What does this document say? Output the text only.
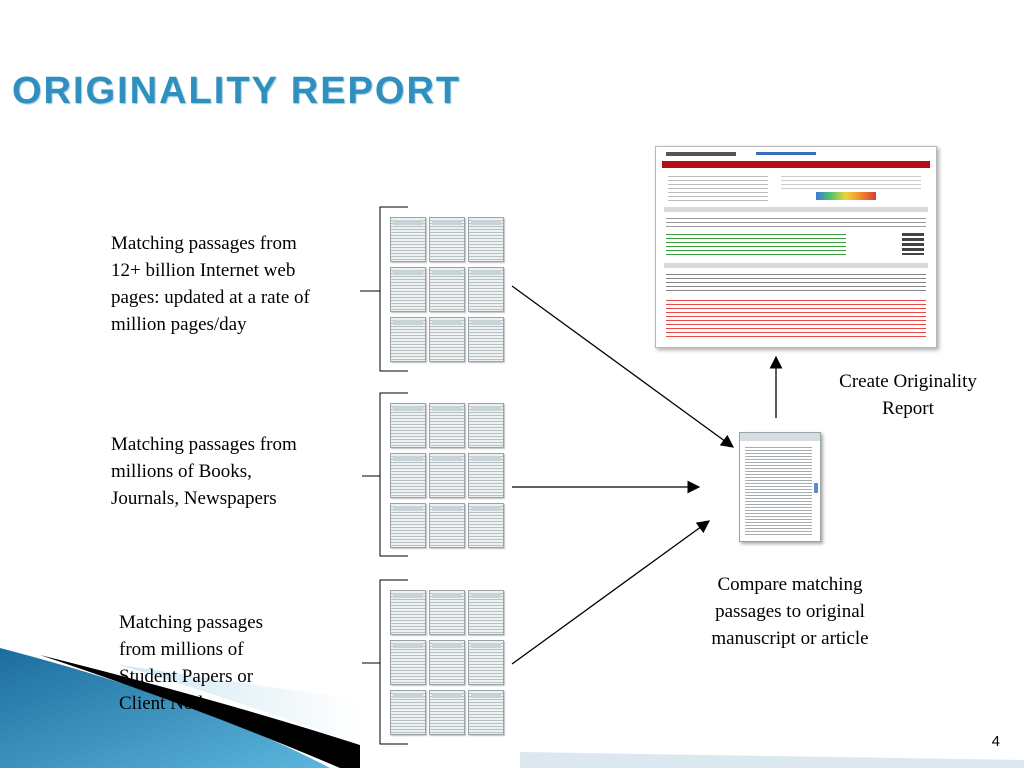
ORIGINALITY REPORT
Matching passages from
12+ billion Internet web
pages: updated at a rate of
million pages/day
Matching passages from
millions of Books,
Journals, Newspapers
Matching passages
from millions of
Student Papers or
Client Node
Create Originality
Report
Compare matching
passages to original
manuscript or article
4
